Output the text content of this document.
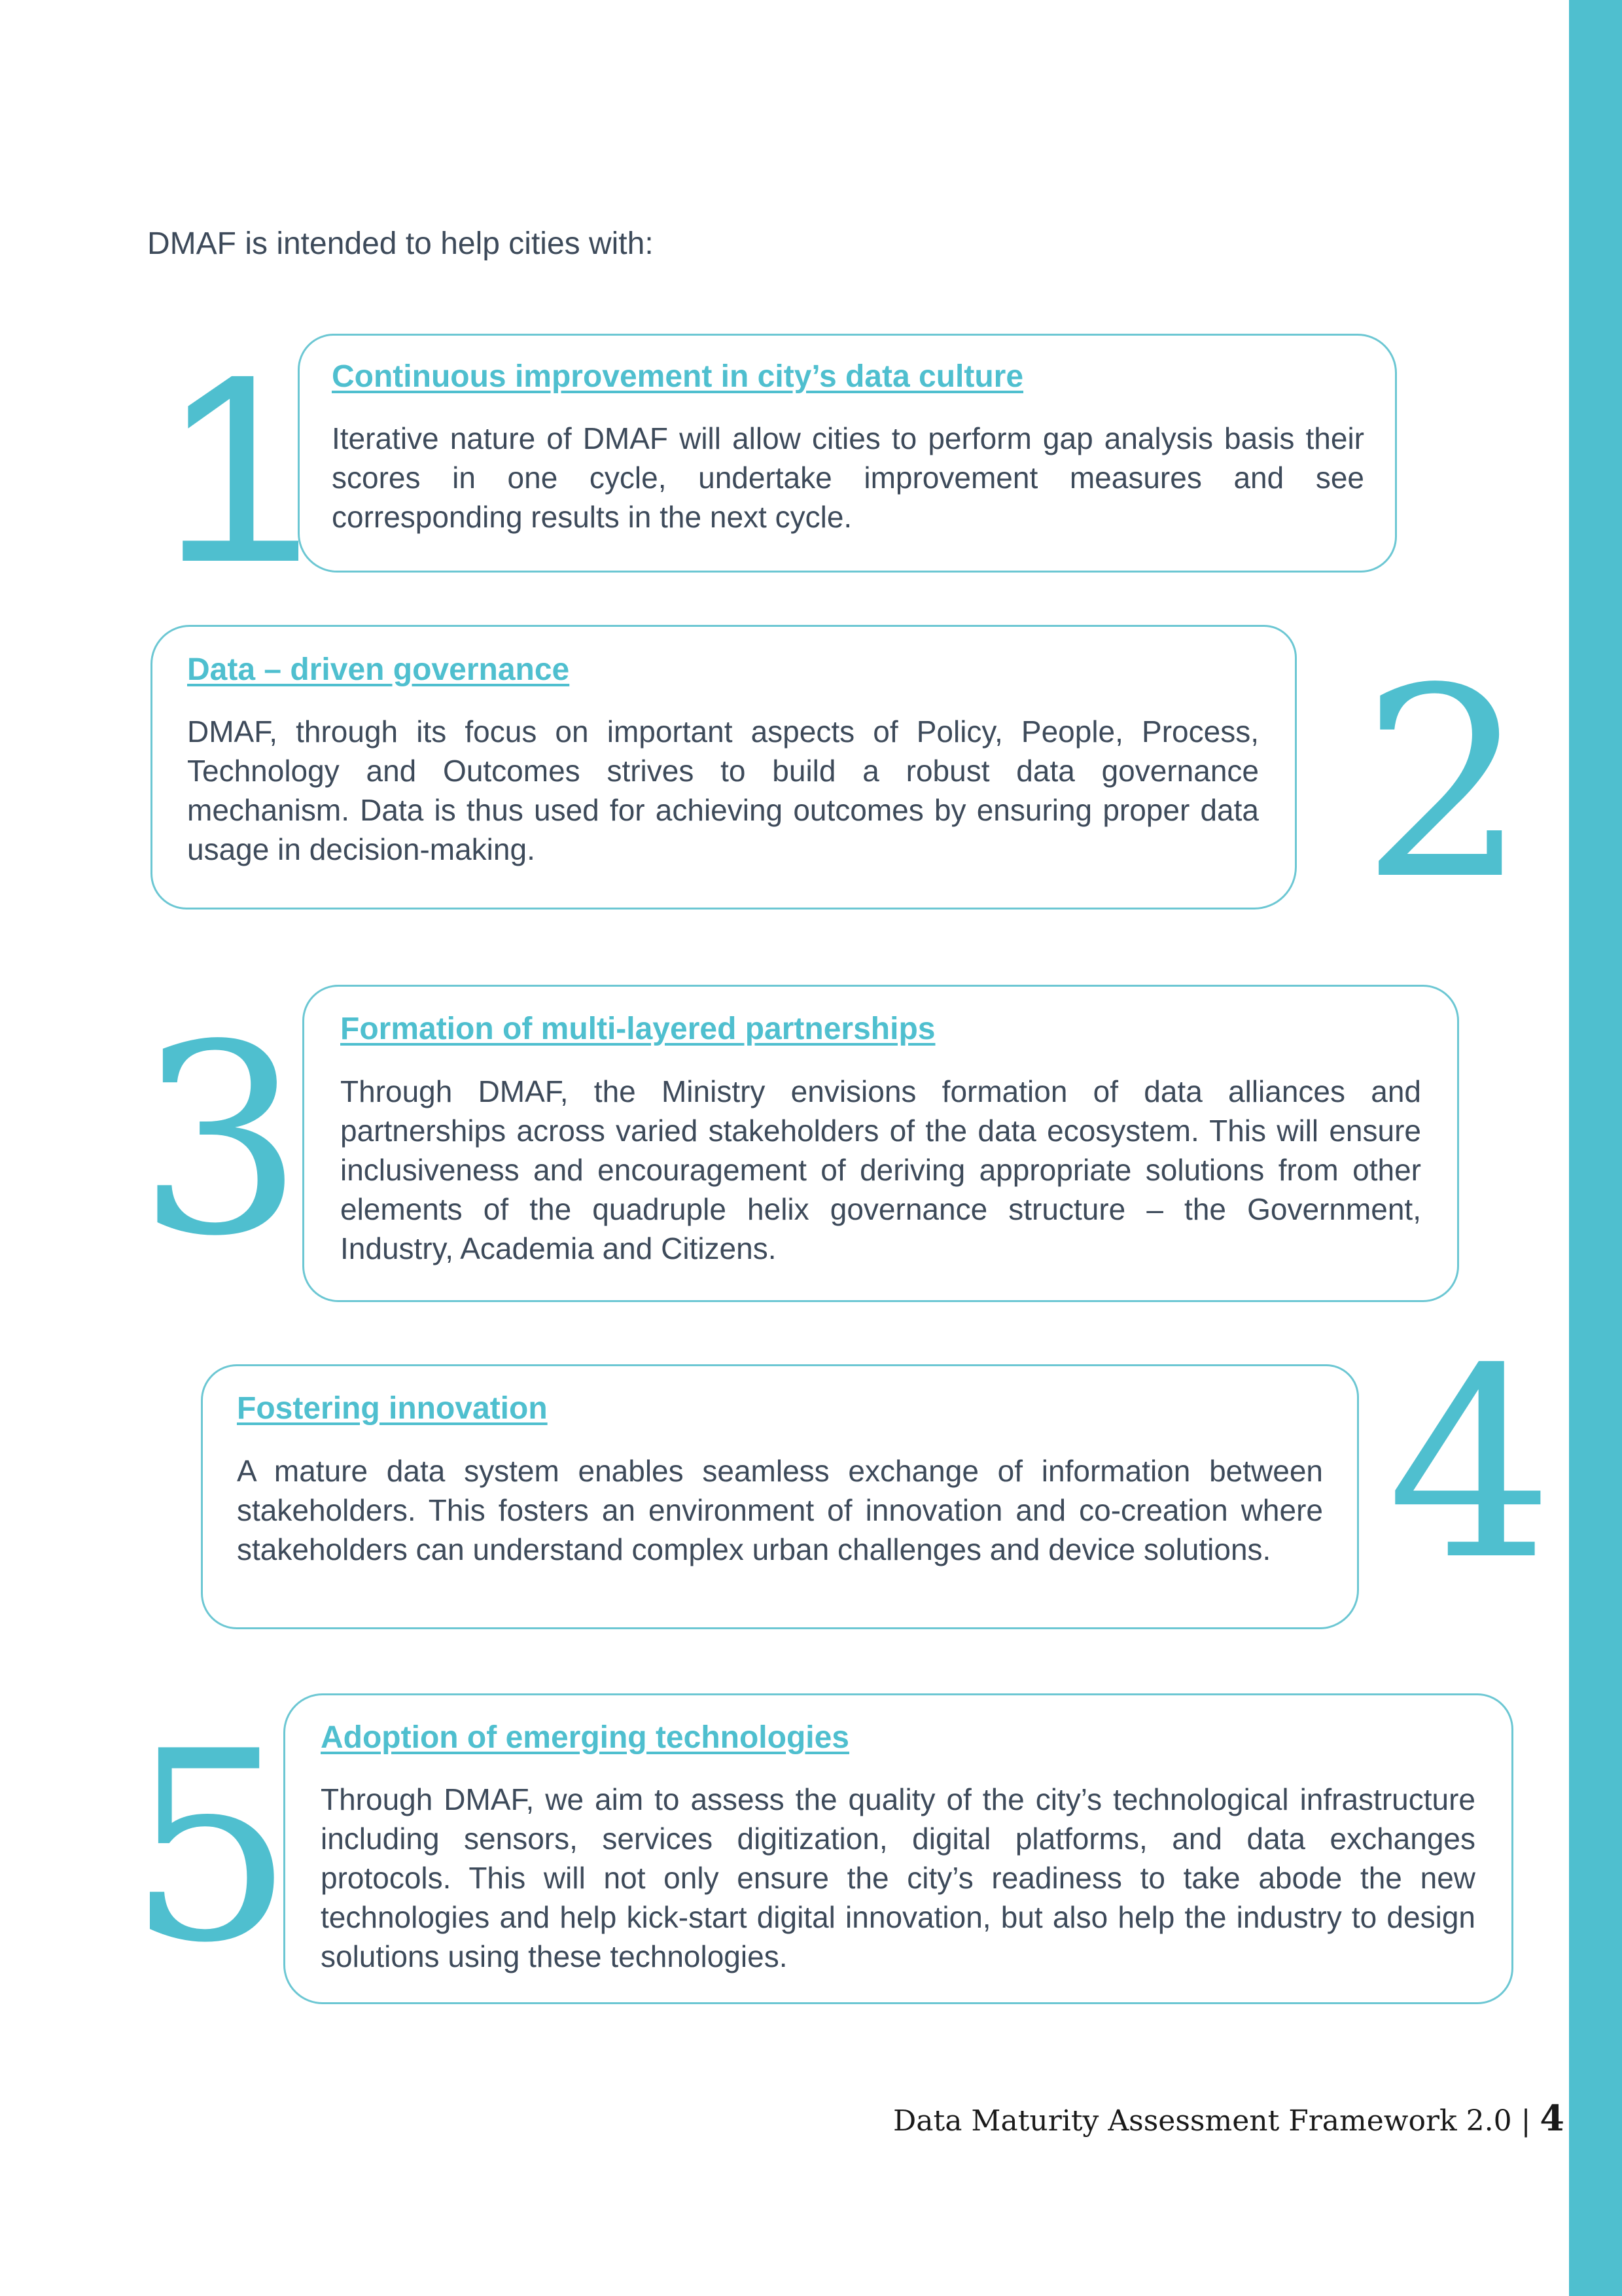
DMAF is intended to help cities with:

1 Continuous improvement in city’s data culture

Iterative nature of DMAF will allow cities to perform gap analysis basis their scores in one cycle, undertake improvement measures and see corresponding results in the next cycle.

Data – driven governance

DMAF, through its focus on important aspects of Policy, People, Process, Technology and Outcomes strives to build a robust data governance mechanism. Data is thus used for achieving outcomes by ensuring proper data usage in decision-making.	2
3 Formation of multi-layered partnerships

Through DMAF, the Ministry envisions formation of data alliances and partnerships across varied stakeholders of the data ecosystem. This will ensure inclusiveness and encouragement of deriving appropriate solutions from other elements of the quadruple helix governance structure – the Government, Industry, Academia and Citizens.

Fostering innovation

A mature data system enables seamless exchange of information between stakeholders. This fosters an environment of innovation and co-creation where stakeholders can understand complex urban challenges and device solutions. 4
5 Adoption of emerging technologies

Through DMAF, we aim to assess the quality of the city’s technological infrastructure including sensors, services digitization, digital platforms, and data exchanges protocols. This will not only ensure the city’s readiness to take abode the new technologies and help kick-start digital innovation, but also help the industry to design solutions using these technologies.

Data Maturity Assessment Framework 2.0 | 4
